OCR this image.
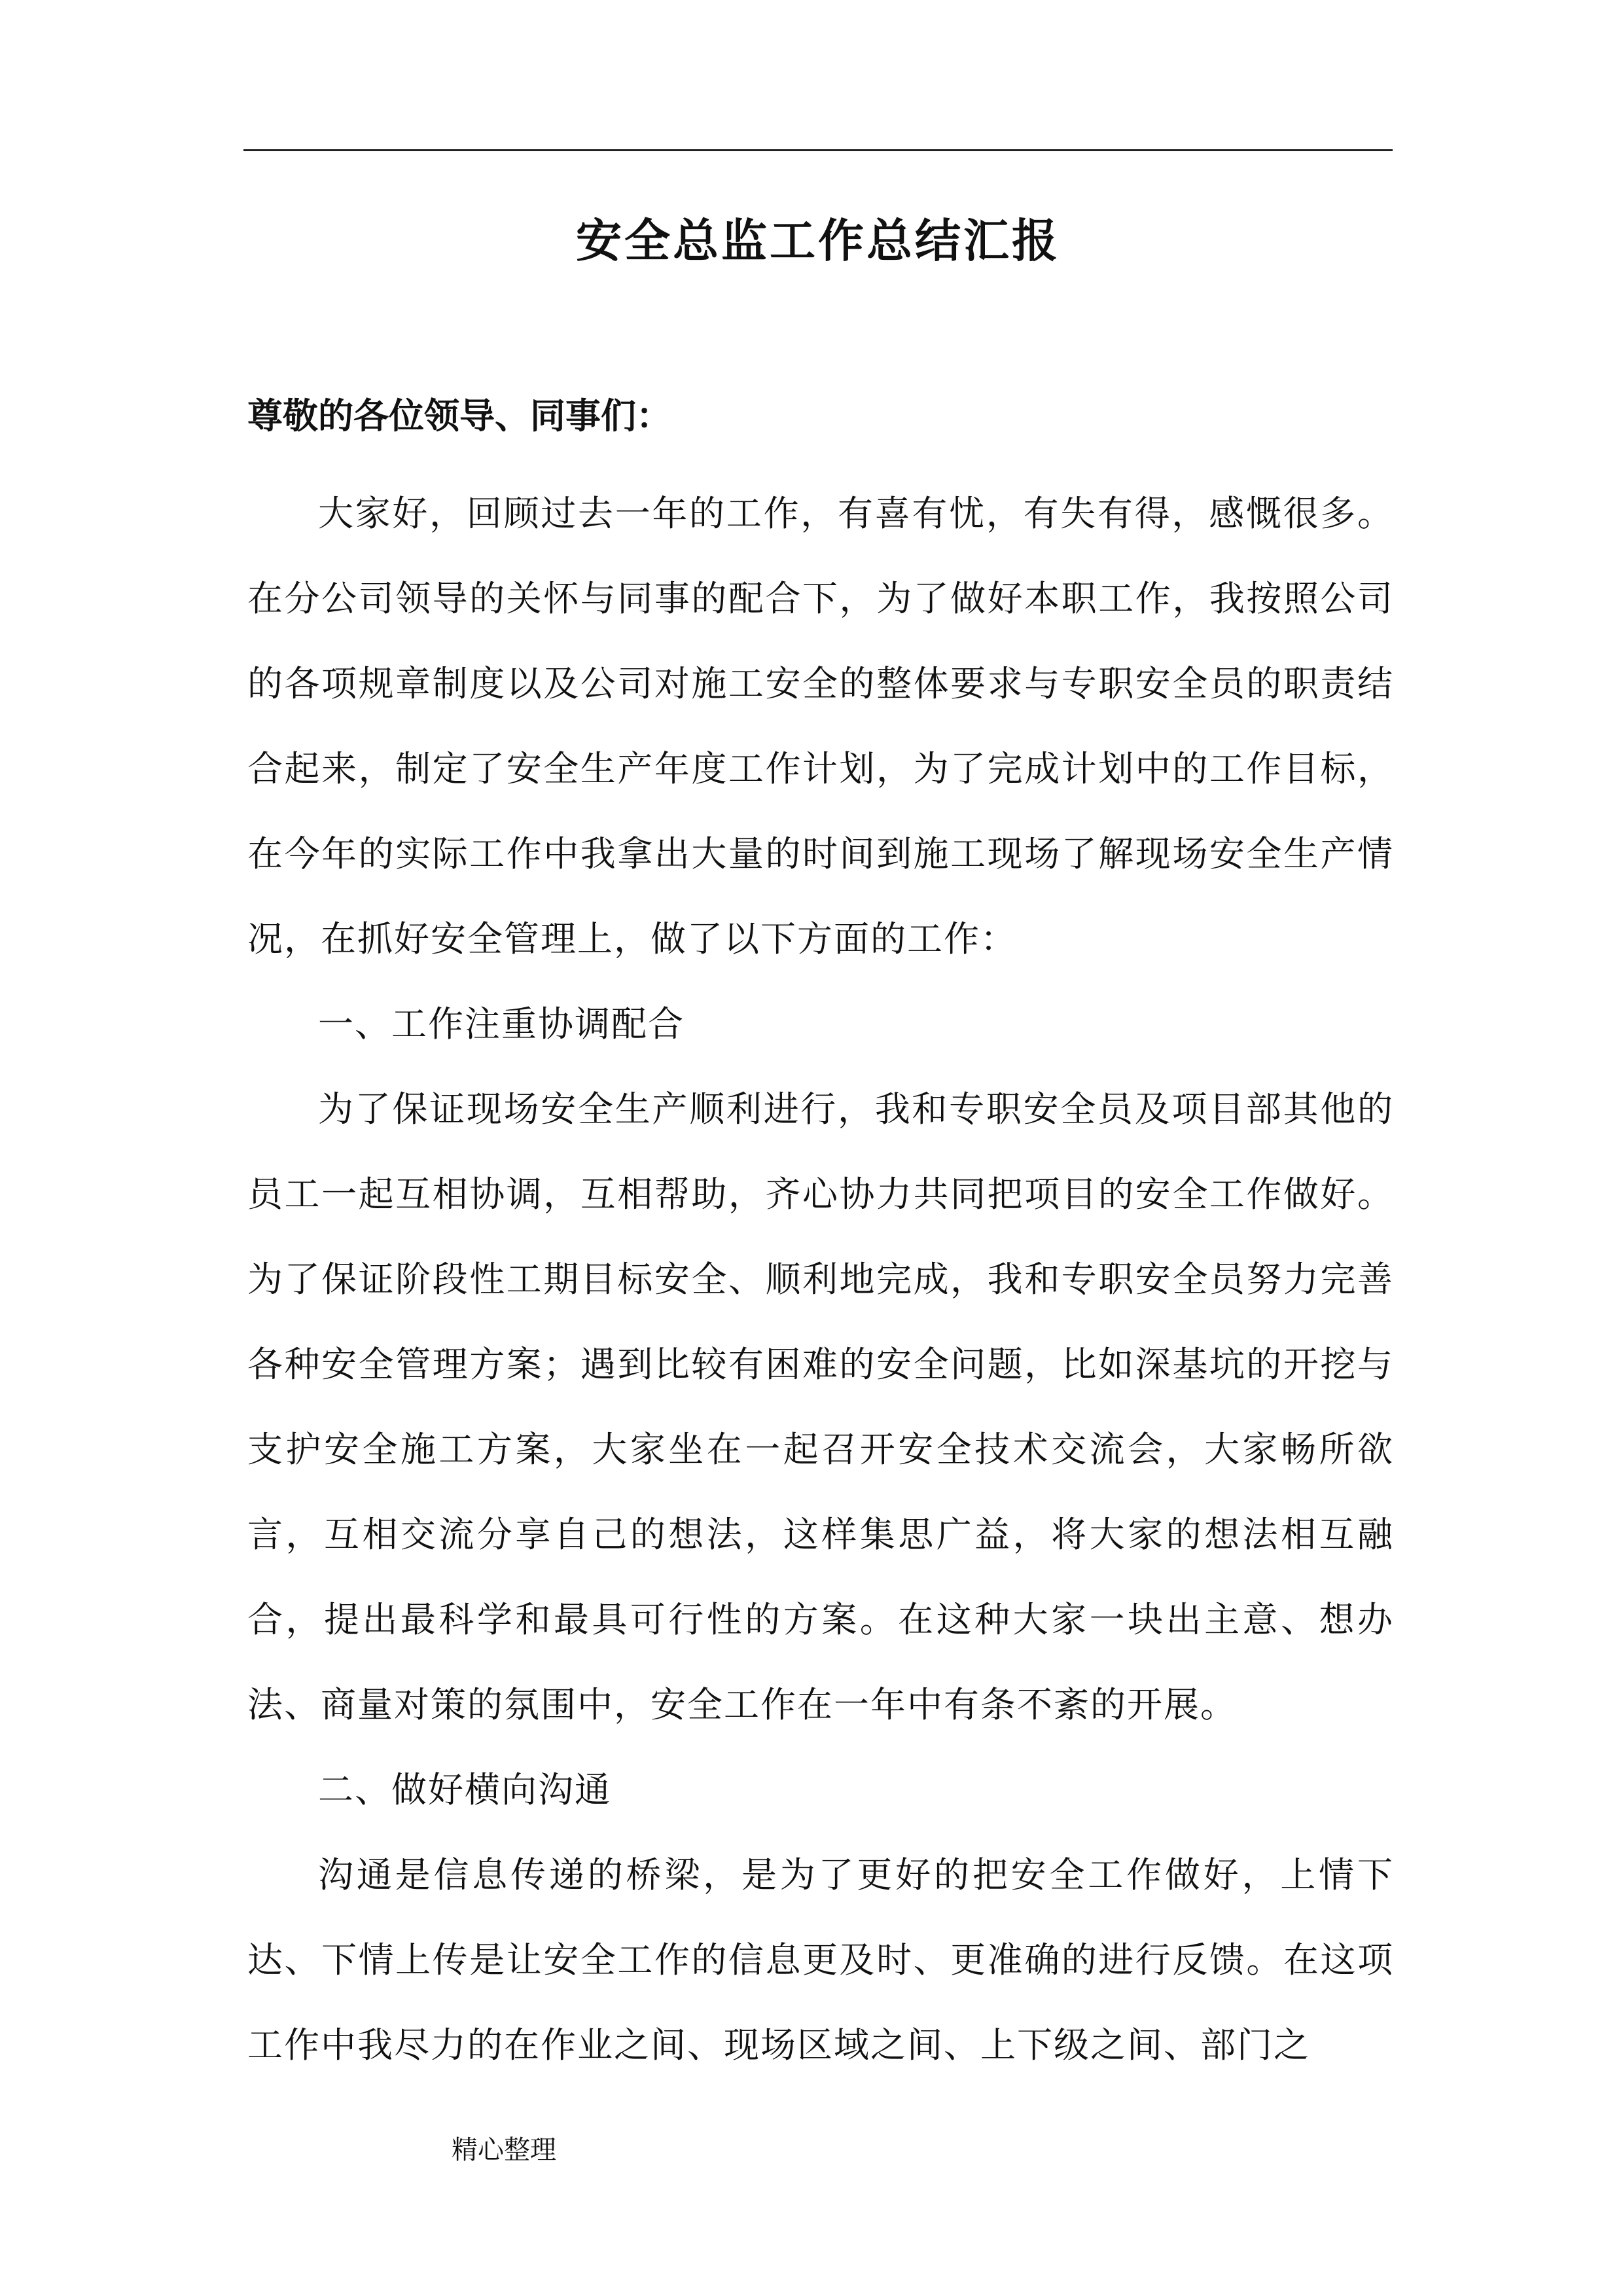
安全总监工作总结汇报
尊敬的各位领导、同事们：

大家好，回顾过去一年的工作，有喜有忧，有失有得，感慨很多。在分公司领导的关怀与同事的配合下，为了做好本职工作，我按照公司的各项规章制度以及公司对施工安全的整体要求与专职安全员的职责结合起来，制定了安全生产年度工作计划，为了完成计划中的工作目标，在今年的实际工作中我拿出大量的时间到施工现场了解现场安全生产情况，在抓好安全管理上，做了以下方面的工作：

一、工作注重协调配合

为了保证现场安全生产顺利进行，我和专职安全员及项目部其他的员工一起互相协调，互相帮助，齐心协力共同把项目的安全工作做好。为了保证阶段性工期目标安全、顺利地完成，我和专职安全员努力完善各种安全管理方案；遇到比较有困难的安全问题，比如深基坑的开挖与支护安全施工方案，大家坐在一起召开安全技术交流会，大家畅所欲言，互相交流分享自己的想法，这样集思广益，将大家的想法相互融合，提出最科学和最具可行性的方案。在这种大家一块出主意、想办法、商量对策的氛围中，安全工作在一年中有条不紊的开展。

二、做好横向沟通

沟通是信息传递的桥梁，是为了更好的把安全工作做好，上情下达、下情上传是让安全工作的信息更及时、更准确的进行反馈。在这项工作中我尽力的在作业之间、现场区域之间、上下级之间、部门之

精心整理
